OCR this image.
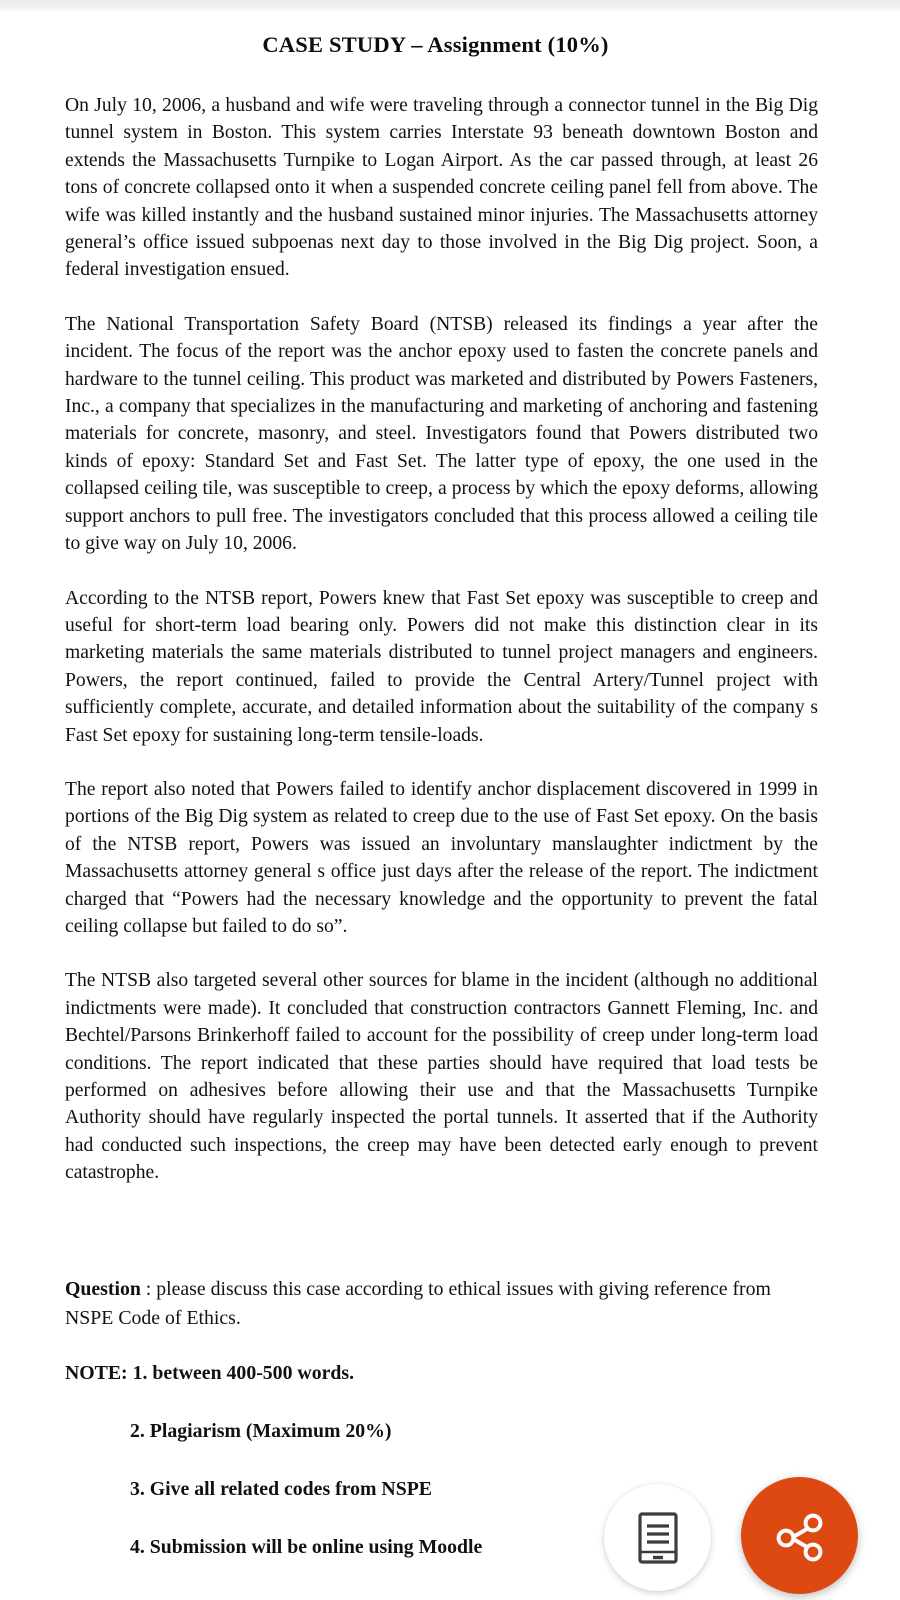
CASE STUDY – Assignment (10%)

On July 10, 2006, a husband and wife were traveling through a connector tunnel in the Big Dig tunnel system in Boston. This system carries Interstate 93 beneath downtown Boston and extends the Massachusetts Turnpike to Logan Airport. As the car passed through, at least 26 tons of concrete collapsed onto it when a suspended concrete ceiling panel fell from above. The wife was killed instantly and the husband sustained minor injuries. The Massachusetts attorney general’s office issued subpoenas next day to those involved in the Big Dig project. Soon, a federal investigation ensued.

The National Transportation Safety Board (NTSB) released its findings a year after the incident. The focus of the report was the anchor epoxy used to fasten the concrete panels and hardware to the tunnel ceiling. This product was marketed and distributed by Powers Fasteners, Inc., a company that specializes in the manufacturing and marketing of anchoring and fastening materials for concrete, masonry, and steel. Investigators found that Powers distributed two kinds of epoxy: Standard Set and Fast Set. The latter type of epoxy, the one used in the collapsed ceiling tile, was susceptible to creep, a process by which the epoxy deforms, allowing support anchors to pull free. The investigators concluded that this process allowed a ceiling tile to give way on July 10, 2006.

According to the NTSB report, Powers knew that Fast Set epoxy was susceptible to creep and useful for short-term load bearing only. Powers did not make this distinction clear in its marketing materials the same materials distributed to tunnel project managers and engineers. Powers, the report continued, failed to provide the Central Artery/Tunnel project with sufficiently complete, accurate, and detailed information about the suitability of the company s Fast Set epoxy for sustaining long-term tensile-loads.

The report also noted that Powers failed to identify anchor displacement discovered in 1999 in portions of the Big Dig system as related to creep due to the use of Fast Set epoxy. On the basis of the NTSB report, Powers was issued an involuntary manslaughter indictment by the Massachusetts attorney general s office just days after the release of the report. The indictment charged that “Powers had the necessary knowledge and the opportunity to prevent the fatal ceiling collapse but failed to do so”.

The NTSB also targeted several other sources for blame in the incident (although no additional indictments were made). It concluded that construction contractors Gannett Fleming, Inc. and Bechtel/Parsons Brinkerhoff failed to account for the possibility of creep under long-term load conditions. The report indicated that these parties should have required that load tests be performed on adhesives before allowing their use and that the Massachusetts Turnpike Authority should have regularly inspected the portal tunnels. It asserted that if the Authority had conducted such inspections, the creep may have been detected early enough to prevent catastrophe.

Question : please discuss this case according to ethical issues with giving reference from NSPE Code of Ethics.
NOTE: 1. between 400-500 words.
2. Plagiarism (Maximum 20%)
3. Give all related codes from NSPE
4. Submission will be online using Moodle
